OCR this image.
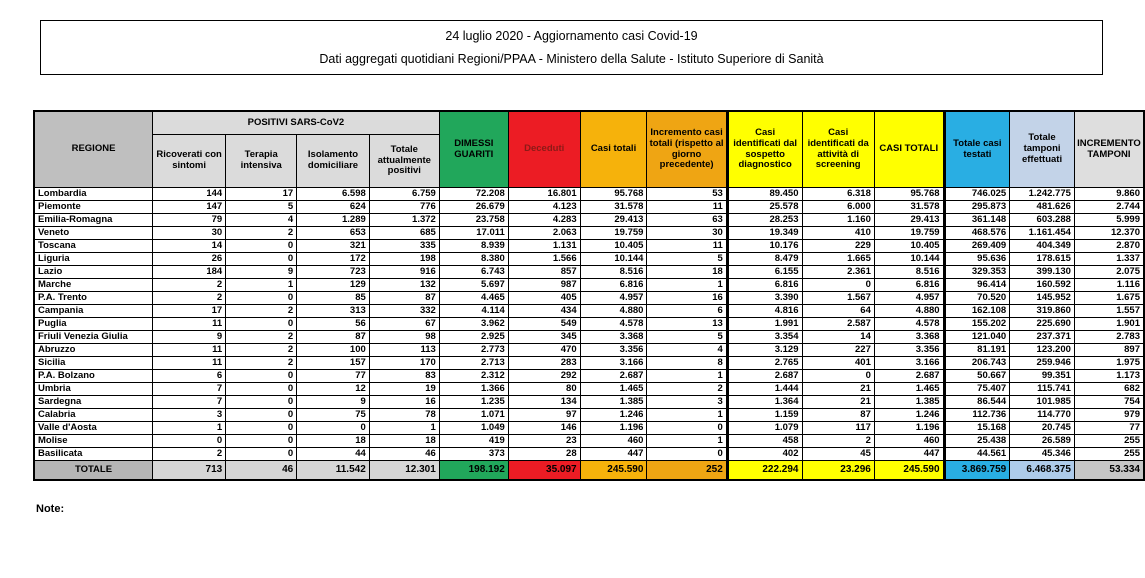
24 luglio 2020 - Aggiornamento casi Covid-19
Dati aggregati quotidiani Regioni/PPAA - Ministero della Salute - Istituto Superiore di Sanità
REGIONE	POSITIVI SARS-CoV2				DIMESSI GUARITI	Deceduti	Casi totali	Incremento casi totali (rispetto al giorno precedente)	Casi identificati dal sospetto diagnostico	Casi identificati da attività di screening	CASI TOTALI	Totale casi testati	Totale tamponi effettuati	INCREMENTO TAMPONI
	Ricoverati con sintomi	Terapia intensiva	Isolamento domiciliare	Totale attualmente positivi										
Lombardia	144	17	6.598	6.759	72.208	16.801	95.768	53	89.450	6.318	95.768	746.025	1.242.775	9.860
Piemonte	147	5	624	776	26.679	4.123	31.578	11	25.578	6.000	31.578	295.873	481.626	2.744
Emilia-Romagna	79	4	1.289	1.372	23.758	4.283	29.413	63	28.253	1.160	29.413	361.148	603.288	5.999
Veneto	30	2	653	685	17.011	2.063	19.759	30	19.349	410	19.759	468.576	1.161.454	12.370
Toscana	14	0	321	335	8.939	1.131	10.405	11	10.176	229	10.405	269.409	404.349	2.870
Liguria	26	0	172	198	8.380	1.566	10.144	5	8.479	1.665	10.144	95.636	178.615	1.337
Lazio	184	9	723	916	6.743	857	8.516	18	6.155	2.361	8.516	329.353	399.130	2.075
Marche	2	1	129	132	5.697	987	6.816	1	6.816	0	6.816	96.414	160.592	1.116
P.A. Trento	2	0	85	87	4.465	405	4.957	16	3.390	1.567	4.957	70.520	145.952	1.675
Campania	17	2	313	332	4.114	434	4.880	6	4.816	64	4.880	162.108	319.860	1.557
Puglia	11	0	56	67	3.962	549	4.578	13	1.991	2.587	4.578	155.202	225.690	1.901
Friuli Venezia Giulia	9	2	87	98	2.925	345	3.368	5	3.354	14	3.368	121.040	237.371	2.783
Abruzzo	11	2	100	113	2.773	470	3.356	4	3.129	227	3.356	81.191	123.200	897
Sicilia	11	2	157	170	2.713	283	3.166	8	2.765	401	3.166	206.743	259.946	1.975
P.A. Bolzano	6	0	77	83	2.312	292	2.687	1	2.687	0	2.687	50.667	99.351	1.173
Umbria	7	0	12	19	1.366	80	1.465	2	1.444	21	1.465	75.407	115.741	682
Sardegna	7	0	9	16	1.235	134	1.385	3	1.364	21	1.385	86.544	101.985	754
Calabria	3	0	75	78	1.071	97	1.246	1	1.159	87	1.246	112.736	114.770	979
Valle d'Aosta	1	0	0	1	1.049	146	1.196	0	1.079	117	1.196	15.168	20.745	77
Molise	0	0	18	18	419	23	460	1	458	2	460	25.438	26.589	255
Basilicata	2	0	44	46	373	28	447	0	402	45	447	44.561	45.346	255
TOTALE	713	46	11.542	12.301	198.192	35.097	245.590	252	222.294	23.296	245.590	3.869.759	6.468.375	53.334
Note:
